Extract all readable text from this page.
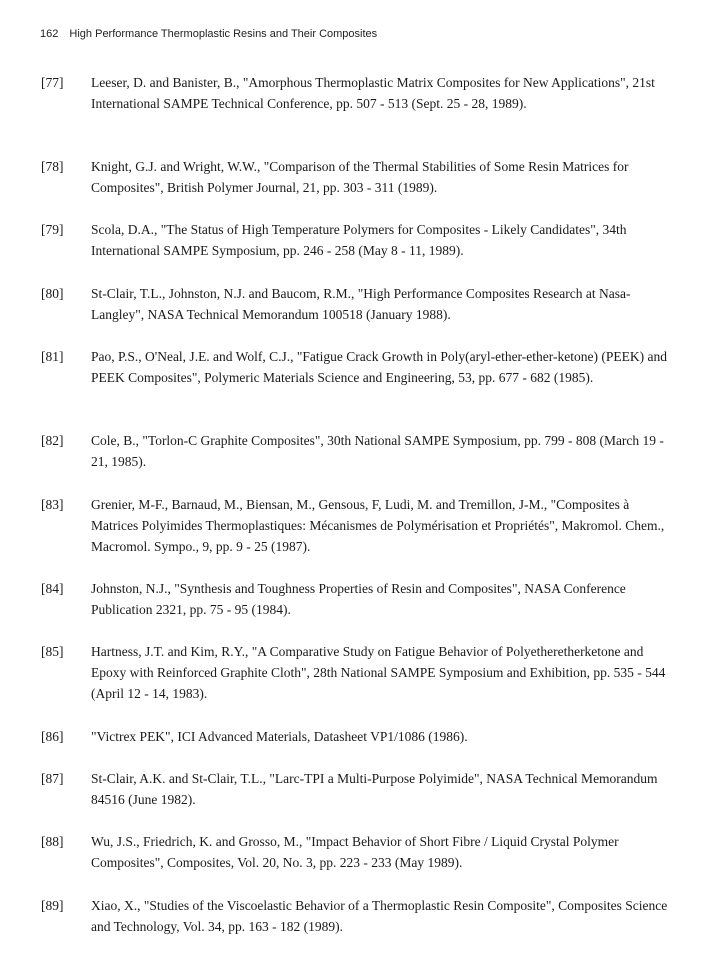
162 High Performance Thermoplastic Resins and Their Composites
[77] Leeser, D. and Banister, B., "Amorphous Thermoplastic Matrix Composites for New Applications", 21st International SAMPE Technical Conference, pp. 507 - 513 (Sept. 25 - 28, 1989).
[78] Knight, G.J. and Wright, W.W., "Comparison of the Thermal Stabilities of Some Resin Matrices for Composites", British Polymer Journal, 21, pp. 303 - 311 (1989).
[79] Scola, D.A., "The Status of High Temperature Polymers for Composites - Likely Candidates", 34th International SAMPE Symposium, pp. 246 - 258 (May 8 - 11, 1989).
[80] St-Clair, T.L., Johnston, N.J. and Baucom, R.M., "High Performance Composites Research at Nasa-Langley", NASA Technical Memorandum 100518 (January 1988).
[81] Pao, P.S., O'Neal, J.E. and Wolf, C.J., "Fatigue Crack Growth in Poly(aryl-ether-ether-ketone) (PEEK) and PEEK Composites", Polymeric Materials Science and Engineering, 53, pp. 677 - 682 (1985).
[82] Cole, B., "Torlon-C Graphite Composites", 30th National SAMPE Symposium, pp. 799 - 808 (March 19 - 21, 1985).
[83] Grenier, M-F., Barnaud, M., Biensan, M., Gensous, F, Ludi, M. and Tremillon, J-M., "Composites à Matrices Polyimides Thermoplastiques: Mécanismes de Polymérisation et Propriétés", Makromol. Chem., Macromol. Sympo., 9, pp. 9 - 25 (1987).
[84] Johnston, N.J., "Synthesis and Toughness Properties of Resin and Composites", NASA Conference Publication 2321, pp. 75 - 95 (1984).
[85] Hartness, J.T. and Kim, R.Y., "A Comparative Study on Fatigue Behavior of Polyetheretherketone and Epoxy with Reinforced Graphite Cloth", 28th National SAMPE Symposium and Exhibition, pp. 535 - 544 (April 12 - 14, 1983).
[86] "Victrex PEK", ICI Advanced Materials, Datasheet VP1/1086 (1986).
[87] St-Clair, A.K. and St-Clair, T.L., "Larc-TPI a Multi-Purpose Polyimide", NASA Technical Memorandum 84516 (June 1982).
[88] Wu, J.S., Friedrich, K. and Grosso, M., "Impact Behavior of Short Fibre / Liquid Crystal Polymer Composites", Composites, Vol. 20, No. 3, pp. 223 - 233 (May 1989).
[89] Xiao, X., "Studies of the Viscoelastic Behavior of a Thermoplastic Resin Composite", Composites Science and Technology, Vol. 34, pp. 163 - 182 (1989).
